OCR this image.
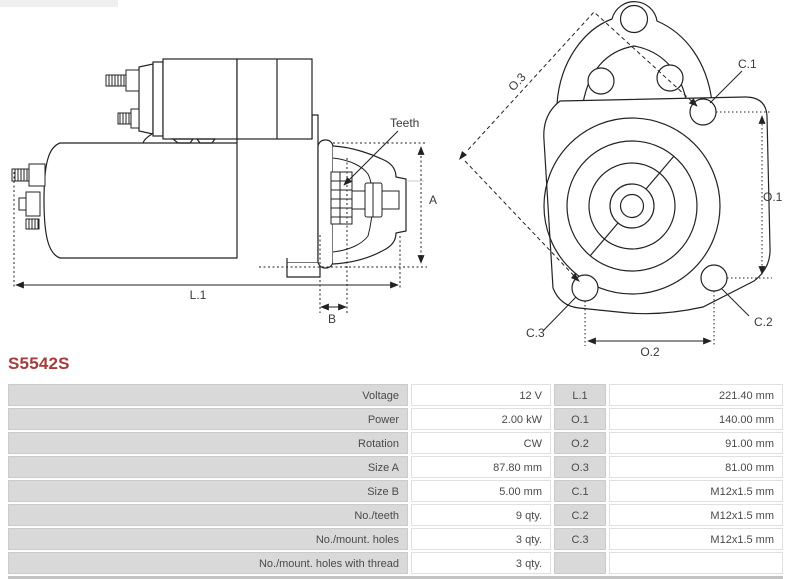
Teeth
A
L.1
B
O.3
C.1
O.1
C.2
C.3
O.2
S5542S
Voltage	12 V	L.1	221.40 mm
Power	2.00 kW	O.1	140.00 mm
Rotation	CW	O.2	91.00 mm
Size A	87.80 mm	O.3	81.00 mm
Size B	5.00 mm	C.1	M12x1.5 mm
No./teeth	9 qty.	C.2	M12x1.5 mm
No./mount. holes	3 qty.	C.3	M12x1.5 mm
No./mount. holes with thread	3 qty.
